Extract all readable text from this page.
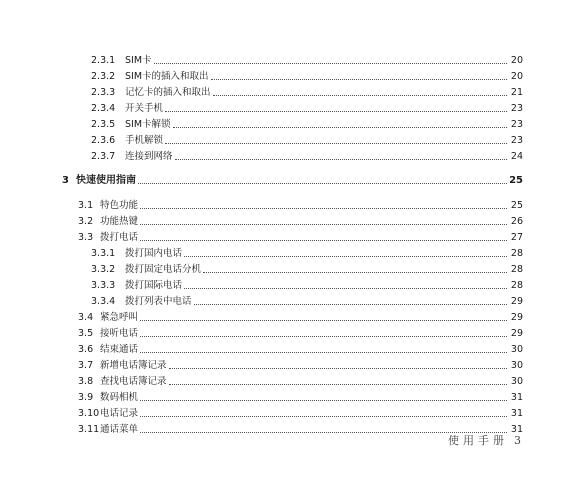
2.3.1	SIM卡	20
2.3.2	SIM卡的插入和取出	20
2.3.3	记忆卡的插入和取出	21
2.3.4	开关手机	23
2.3.5	SIM卡解锁	23
2.3.6	手机解锁	23
2.3.7	连接到网络	24
3 快速使用指南	25
3.1 特色功能	25
3.2 功能热键	26
3.3 拨打电话	27
3.3.1	拨打国内电话	28
3.3.2	拨打固定电话分机	28
3.3.3	拨打国际电话	28
3.3.4	拨打列表中电话	29
3.4 紧急呼叫	29
3.5 接听电话	29
3.6 结束通话	30
3.7 新增电话簿记录	30
3.8 查找电话簿记录	30
3.9 数码相机	31
3.10 电话记录	31
3.11 通话菜单	31
使用手册 3
